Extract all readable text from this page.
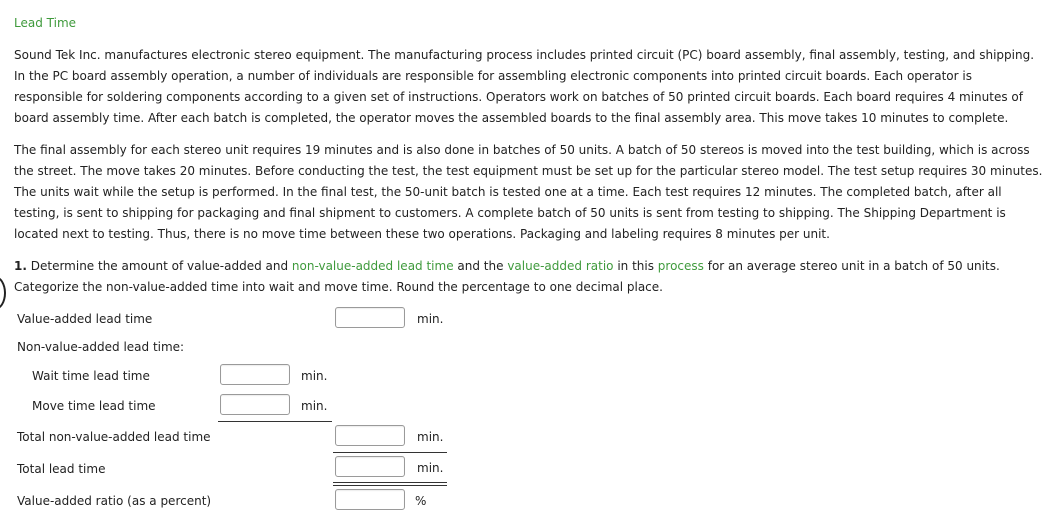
Lead Time

Sound Tek Inc. manufactures electronic stereo equipment. The manufacturing process includes printed circuit (PC) board assembly, final assembly, testing, and shipping. In the PC board assembly operation, a number of individuals are responsible for assembling electronic components into printed circuit boards. Each operator is responsible for soldering components according to a given set of instructions. Operators work on batches of 50 printed circuit boards. Each board requires 4 minutes of board assembly time. After each batch is completed, the operator moves the assembled boards to the final assembly area. This move takes 10 minutes to complete.

The final assembly for each stereo unit requires 19 minutes and is also done in batches of 50 units. A batch of 50 stereos is moved into the test building, which is across the street. The move takes 20 minutes. Before conducting the test, the test equipment must be set up for the particular stereo model. The test setup requires 30 minutes. The units wait while the setup is performed. In the final test, the 50-unit batch is tested one at a time. Each test requires 12 minutes. The completed batch, after all testing, is sent to shipping for packaging and final shipment to customers. A complete batch of 50 units is sent from testing to shipping. The Shipping Department is located next to testing. Thus, there is no move time between these two operations. Packaging and labeling requires 8 minutes per unit.

1. Determine the amount of value-added and non-value-added lead time and the value-added ratio in this process for an average stereo unit in a batch of 50 units. Categorize the non-value-added time into wait and move time. Round the percentage to one decimal place.

Value-added lead time	min.
Non-value-added lead time:
Wait time lead time	min.
Move time lead time	min.
Total non-value-added lead time	min.
Total lead time	min.
Value-added ratio (as a percent)	%
